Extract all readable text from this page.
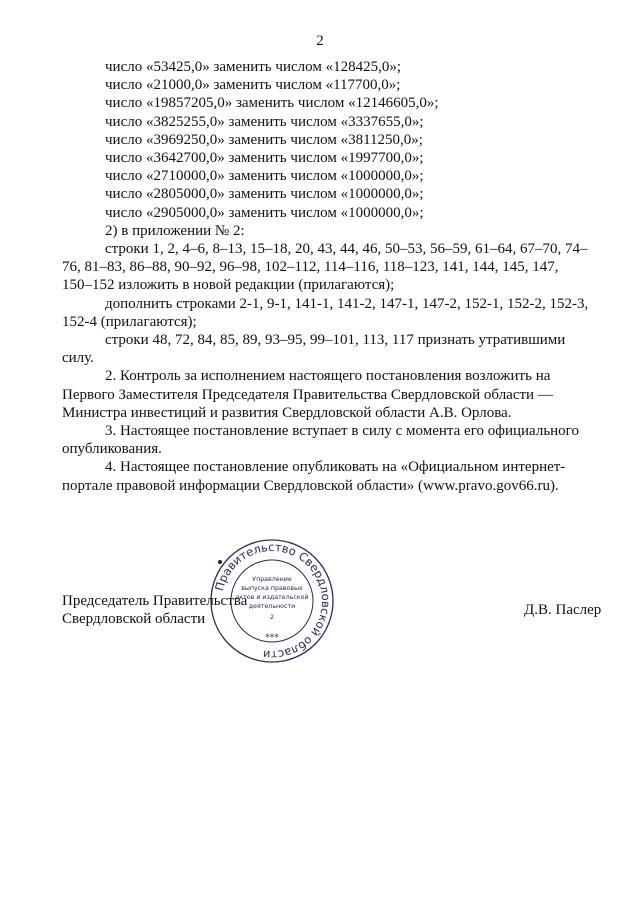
2
число «53425,0» заменить числом «128425,0»;
число «21000,0» заменить числом «117700,0»;
число «19857205,0» заменить числом «12146605,0»;
число «3825255,0» заменить числом «3337655,0»;
число «3969250,0» заменить числом «3811250,0»;
число «3642700,0» заменить числом «1997700,0»;
число «2710000,0» заменить числом «1000000,0»;
число «2805000,0» заменить числом «1000000,0»;
число «2905000,0» заменить числом «1000000,0»;
2) в приложении № 2:
строки 1, 2, 4–6, 8–13, 15–18, 20, 43, 44, 46, 50–53, 56–59, 61–64, 67–70, 74–
76, 81–83, 86–88, 90–92, 96–98, 102–112, 114–116, 118–123, 141, 144, 145, 147,
150–152 изложить в новой редакции (прилагаются);
дополнить строками 2-1, 9-1, 141-1, 141-2, 147-1, 147-2, 152-1, 152-2, 152-3,
152-4 (прилагаются);
строки 48, 72, 84, 85, 89, 93–95, 99–101, 113, 117 признать утратившими
силу.
2. Контроль за исполнением настоящего постановления возложить на
Первого Заместителя Председателя Правительства Свердловской области —
Министра инвестиций и развития Свердловской области А.В. Орлова.
3. Настоящее постановление вступает в силу с момента его официального
опубликования.
4. Настоящее постановление опубликовать на «Официальном интернет-
портале правовой информации Свердловской области» (www.pravo.gov66.ru).
Председатель Правительства
Свердловской области
Правительство Свердловской области
Управление
выпуска правовых
актов и издательской
деятельности
2
***
Д.В. Паслер
